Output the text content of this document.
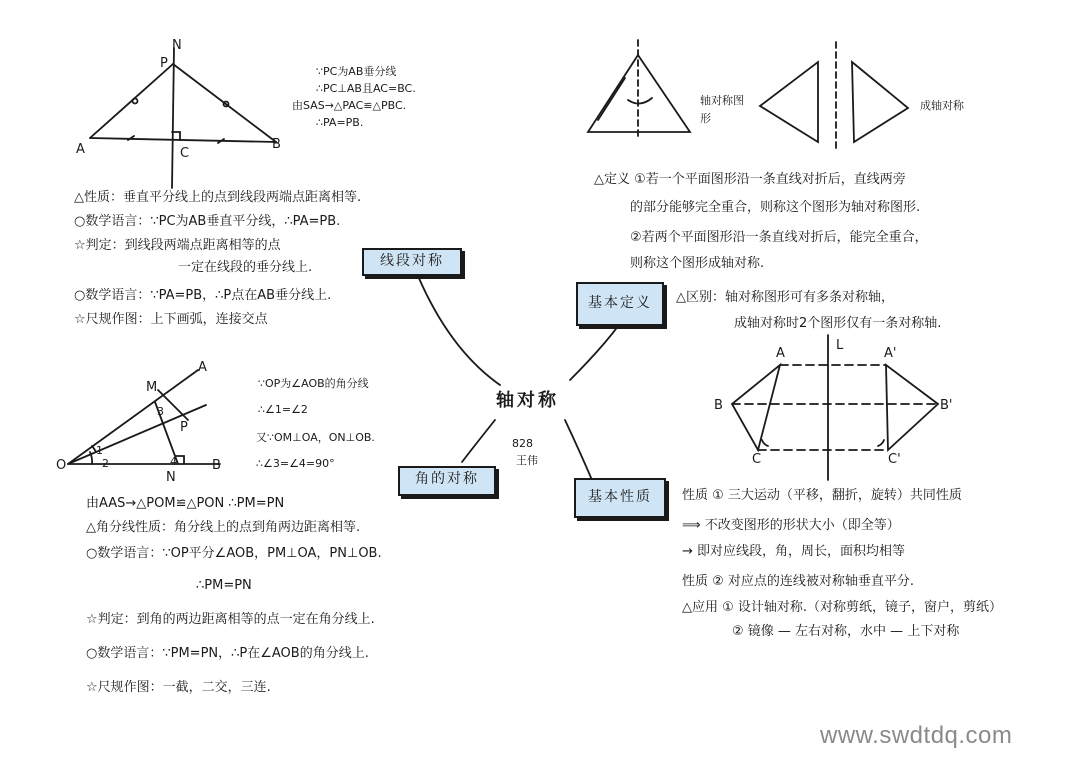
P
N
A	B
C
∵PC为AB垂分线
∴PC⊥AB且AC=BC.
由SAS→△PAC≌△PBC.
∴PA=PB.
△性质：垂直平分线上的点到线段两端点距离相等.
○数学语言：∵PC为AB垂直平分线，∴PA=PB.
☆判定：到线段两端点距离相等的点
一定在线段的垂分线上.
○数学语言：∵PA=PB，∴P点在AB垂分线上.
☆尺规作图：上下画弧，连接交点
线段对称
基本定义
角的对称
基本性质
轴对称
828
王伟
O
A
B
M
N
P
1
2
3
4
∵OP为∠AOB的角分线
∴∠1=∠2
又∵OM⊥OA，ON⊥OB.
∴∠3=∠4=90°
由AAS→△POM≌△PON ∴PM=PN
△角分线性质：角分线上的点到角两边距离相等.
○数学语言：∵OP平分∠AOB，PM⊥OA，PN⊥OB.
∴PM=PN
☆判定：到角的两边距离相等的点一定在角分线上.
○数学语言：∵PM=PN，∴P在∠AOB的角分线上.
☆尺规作图：一截，二交，三连.
轴对称图形
成轴对称
△定义 ①若一个平面图形沿一条直线对折后，直线两旁
的部分能够完全重合，则称这个图形为轴对称图形.
②若两个平面图形沿一条直线对折后，能完全重合，
则称这个图形成轴对称.
△区别：轴对称图形可有多条对称轴，
成轴对称时2个图形仅有一条对称轴.
A
B
C
A'
B'
C'
L
性质 ① 三大运动（平移，翻折，旋转）共同性质
⟹ 不改变图形的形状大小（即全等）
→ 即对应线段，角，周长，面积均相等
性质 ② 对应点的连线被对称轴垂直平分.
△应用 ① 设计轴对称.（对称剪纸，镜子，窗户，剪纸）
② 镜像 — 左右对称，水中 — 上下对称
www.swdtdq.com
